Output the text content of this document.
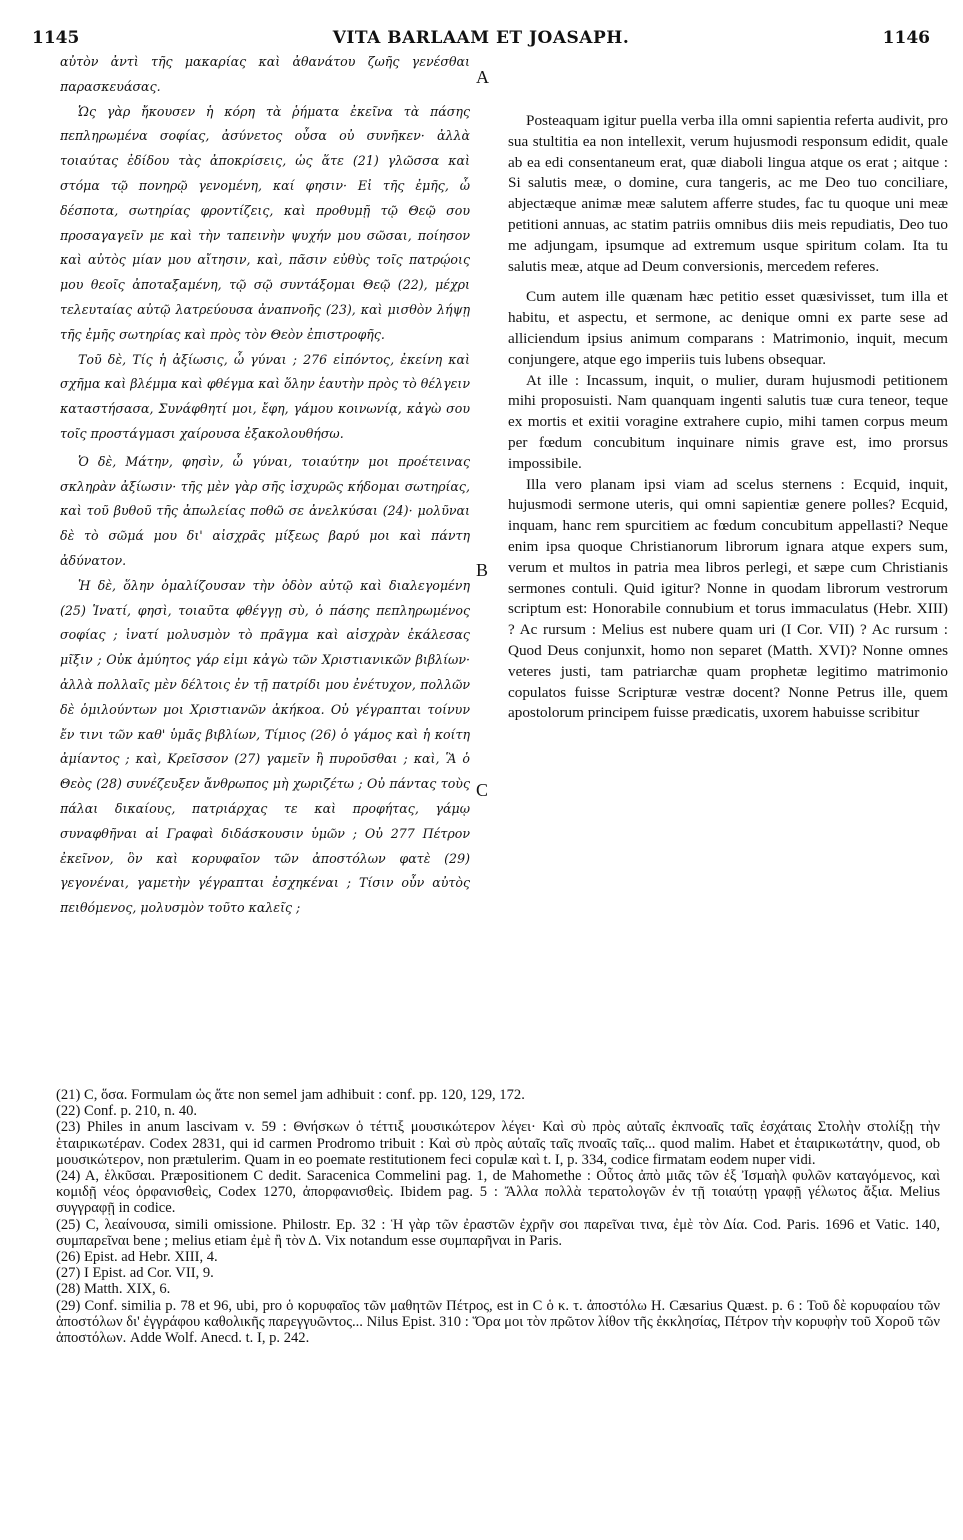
1145	VITA BARLAAM ET JOASAPH.	1146
A
B
C

αὐτὸν ἀντὶ τῆς μακαρίας καὶ ἀθανάτου ζωῆς γενέσθαι παρασκευάσας.

Ὡς γὰρ ἤκουσεν ἡ κόρη τὰ ῥήματα ἐκεῖνα τὰ πάσης πεπληρωμένα σοφίας, ἀσύνετος οὖσα οὐ συνῆκεν· ἀλλὰ τοιαύτας ἐδίδου τὰς ἀποκρίσεις, ὡς ἅτε (21) γλῶσσα καὶ στόμα τῷ πονηρῷ γενομένη, καί φησιν· Εἰ τῆς ἐμῆς, ὦ δέσποτα, σωτηρίας φροντίζεις, καὶ προθυμῇ τῷ Θεῷ σου προσαγαγεῖν με καὶ τὴν ταπεινὴν ψυχήν μου σῶσαι, ποίησον καὶ αὐτὸς μίαν μου αἴτησιν, καὶ, πᾶσιν εὐθὺς τοῖς πατρῴοις μου θεοῖς ἀποταξαμένη, τῷ σῷ συντάξομαι Θεῷ (22), μέχρι τελευταίας αὐτῷ λατρεύουσα ἀναπνοῆς (23), καὶ μισθὸν λήψῃ τῆς ἐμῆς σωτηρίας καὶ πρὸς τὸν Θεὸν ἐπιστροφῆς.

Τοῦ δὲ, Τίς ἡ ἀξίωσις, ὦ γύναι ; 276 εἰπόντος, ἐκείνη καὶ σχῆμα καὶ βλέμμα καὶ φθέγμα καὶ ὅλην ἑαυτὴν πρὸς τὸ θέλγειν καταστήσασα, Συνάφθητί μοι, ἔφη, γάμου κοινωνίᾳ, κἀγὼ σου τοῖς προστάγμασι χαίρουσα ἐξακολουθήσω.

Ὁ δὲ, Μάτην, φησὶν, ὦ γύναι, τοιαύτην μοι προέτεινας σκληρὰν ἀξίωσιν· τῆς μὲν γὰρ σῆς ἰσχυρῶς κήδομαι σωτηρίας, καὶ τοῦ βυθοῦ τῆς ἀπωλείας ποθῶ σε ἀνελκύσαι (24)· μολῦναι δὲ τὸ σῶμά μου δι' αἰσχρᾶς μίξεως βαρύ μοι καὶ πάντη ἀδύνατον.

Ἡ δὲ, ὅλην ὁμαλίζουσαν τὴν ὁδὸν αὐτῷ καὶ διαλεγομένη (25) Ἱνατί, φησὶ, τοιαῦτα φθέγγῃ σὺ, ὁ πάσης πεπληρωμένος σοφίας ; ἱνατί μολυσμὸν τὸ πρᾶγμα καὶ αἰσχρὰν ἐκάλεσας μῖξιν ; Οὐκ ἀμύητος γάρ εἰμι κἀγὼ τῶν Χριστιανικῶν βιβλίων· ἀλλὰ πολλαῖς μὲν δέλτοις ἐν τῇ πατρίδι μου ἐνέτυχον, πολλῶν δὲ ὁμιλούντων μοι Χριστιανῶν ἀκήκοα. Οὐ γέγραπται τοίνυν ἔν τινι τῶν καθ' ὑμᾶς βιβλίων, Τίμιος (26) ὁ γάμος καὶ ἡ κοίτη ἀμίαντος ; καὶ, Κρεῖσσον (27) γαμεῖν ἢ πυροῦσθαι ; καὶ, Ἃ ὁ Θεὸς (28) συνέζευξεν ἄνθρωπος μὴ χωριζέτω ; Οὐ πάντας τοὺς πάλαι δικαίους, πατριάρχας τε καὶ προφήτας, γάμῳ συναφθῆναι αἱ Γραφαὶ διδάσκουσιν ὑμῶν ; Οὐ 277 Πέτρον ἐκεῖνον, ὃν καὶ κορυφαῖον τῶν ἀποστόλων φατὲ (29) γεγονέναι, γαμετὴν γέγραπται ἐσχηκέναι ; Τίσιν οὖν αὐτὸς πειθόμενος, μολυσμὸν τοῦτο καλεῖς ;

Posteaquam igitur puella verba illa omni sapientia referta audivit, pro sua stultitia ea non intellexit, verum hujusmodi responsum edidit, quale ab ea edi consentaneum erat, quæ diaboli lingua atque os erat ; aitque : Si salutis meæ, o domine, cura tangeris, ac me Deo tuo conciliare, abjectæque animæ meæ salutem afferre studes, fac tu quoque uni meæ petitioni annuas, ac statim patriis omnibus diis meis repudiatis, Deo tuo me adjungam, ipsumque ad extremum usque spiritum colam. Ita tu salutis meæ, atque ad Deum conversionis, mercedem referes.

Cum autem ille quænam hæc petitio esset quæsivisset, tum illa et habitu, et aspectu, et sermone, ac denique omni ex parte sese ad alliciendum ipsius animum comparans : Matrimonio, inquit, mecum conjungere, atque ego imperiis tuis lubens obsequar.

At ille : Incassum, inquit, o mulier, duram hujusmodi petitionem mihi proposuisti. Nam quanquam ingenti salutis tuæ cura teneor, teque ex mortis et exitii voragine extrahere cupio, mihi tamen corpus meum per fœdum concubitum inquinare nimis grave est, imo prorsus impossibile.

Illa vero planam ipsi viam ad scelus sternens : Ecquid, inquit, hujusmodi sermone uteris, qui omni sapientiæ genere polles? Ecquid, inquam, hanc rem spurcitiem ac fœdum concubitum appellasti? Neque enim ipsa quoque Christianorum librorum ignara atque expers sum, verum et multos in patria mea libros perlegi, et sæpe cum Christianis sermones contuli. Quid igitur? Nonne in quodam librorum vestrorum scriptum est: Honorabile connubium et torus immaculatus (Hebr. XIII) ? Ac rursum : Melius est nubere quam uri (I Cor. VII) ? Ac rursum : Quod Deus conjunxit, homo non separet (Matth. XVI)? Nonne omnes veteres justi, tam patriarchæ quam prophetæ legitimo matrimonio copulatos fuisse Scripturæ vestræ docent? Nonne Petrus ille, quem apostolorum principem fuisse prædicatis, uxorem habuisse scribitur

(21) C, ὅσα. Formulam ὡς ἅτε non semel jam adhibuit : conf. pp. 120, 129, 172.

(22) Conf. p. 210, n. 40.

(23) Philes in anum lascivam v. 59 : Θνήσκων ὁ τέττιξ μουσικώτερον λέγει· Καὶ σὺ πρὸς αὐταῖς ἐκπνοαῖς ταῖς ἐσχάταις Στολὴν στολίξῃ τὴν ἑταιρικωτέραν. Codex 2831, qui id carmen Prodromo tribuit : Καὶ σὺ πρὸς αὐταῖς ταῖς πνοαῖς ταῖς... quod malim. Habet et ἑταιρικωτάτην, quod, ob μουσικώτερον, non prætulerim. Quam in eo poemate restitutionem feci copulæ καὶ t. I, p. 334, codice firmatam eodem nuper vidi.

(24) A, ἑλκῦσαι. Præpositionem C dedit. Saracenica Commelini pag. 1, de Mahomethe : Οὗτος ἀπὸ μιᾶς τῶν ἐξ Ἰσμαὴλ φυλῶν καταγόμενος, καὶ κομιδῇ νέος ὀρφανισθεὶς, Codex 1270, ἀπορφανισθεὶς. Ibidem pag. 5 : Ἄλλα πολλὰ τερατολογῶν ἐν τῇ τοιαύτῃ γραφῇ γέλωτος ἄξια. Melius συγγραφῇ in codice.

(25) C, λεαίνουσα, simili omissione. Philostr. Ep. 32 : Ἡ γὰρ τῶν ἐραστῶν ἐχρῆν σοι παρεῖναι τινα, ἐμὲ τὸν Δία. Cod. Paris. 1696 et Vatic. 140, συμπαρεῖναι bene ; melius etiam ἐμὲ ἢ τὸν Δ. Vix notandum esse συμπαρῆναι in Paris.

(26) Epist. ad Hebr. XIII, 4.

(27) I Epist. ad Cor. VII, 9.

(28) Matth. XIX, 6.

(29) Conf. similia p. 78 et 96, ubi, pro ὁ κορυφαῖος τῶν μαθητῶν Πέτρος, est in C ὁ κ. τ. ἀποστόλω H. Cæsarius Quæst. p. 6 : Τοῦ δὲ κορυφαίου τῶν ἀποστόλων δι' ἐγγράφου καθολικῆς παρεγγυῶντος... Nilus Epist. 310 : Ὅρα μοι τὸν πρῶτον λίθον τῆς ἐκκλησίας, Πέτρον τὴν κορυφὴν τοῦ Χοροῦ τῶν ἀποστόλων. Adde Wolf. Anecd. t. I, p. 242.
